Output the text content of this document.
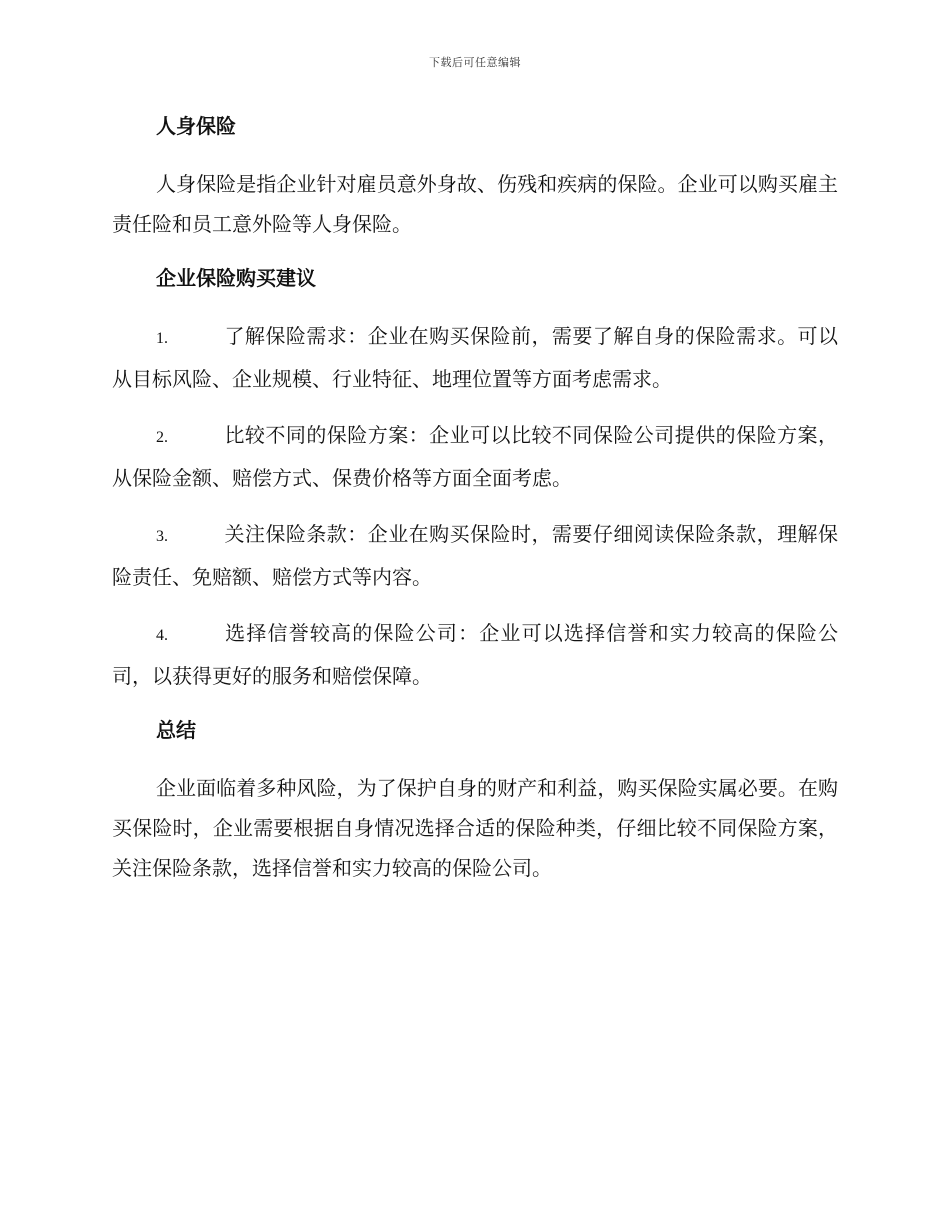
下载后可任意编辑
人身保险

人身保险是指企业针对雇员意外身故、伤残和疾病的保险。企业可以购买雇主责任险和员工意外险等人身保险。

企业保险购买建议

1.	了解保险需求：企业在购买保险前，需要了解自身的保险需求。可以从目标风险、企业规模、行业特征、地理位置等方面考虑需求。

2.	比较不同的保险方案：企业可以比较不同保险公司提供的保险方案，从保险金额、赔偿方式、保费价格等方面全面考虑。

3.	关注保险条款：企业在购买保险时，需要仔细阅读保险条款，理解保险责任、免赔额、赔偿方式等内容。

4.	选择信誉较高的保险公司：企业可以选择信誉和实力较高的保险公司，以获得更好的服务和赔偿保障。

总结

企业面临着多种风险，为了保护自身的财产和利益，购买保险实属必要。在购买保险时，企业需要根据自身情况选择合适的保险种类，仔细比较不同保险方案，关注保险条款，选择信誉和实力较高的保险公司。
